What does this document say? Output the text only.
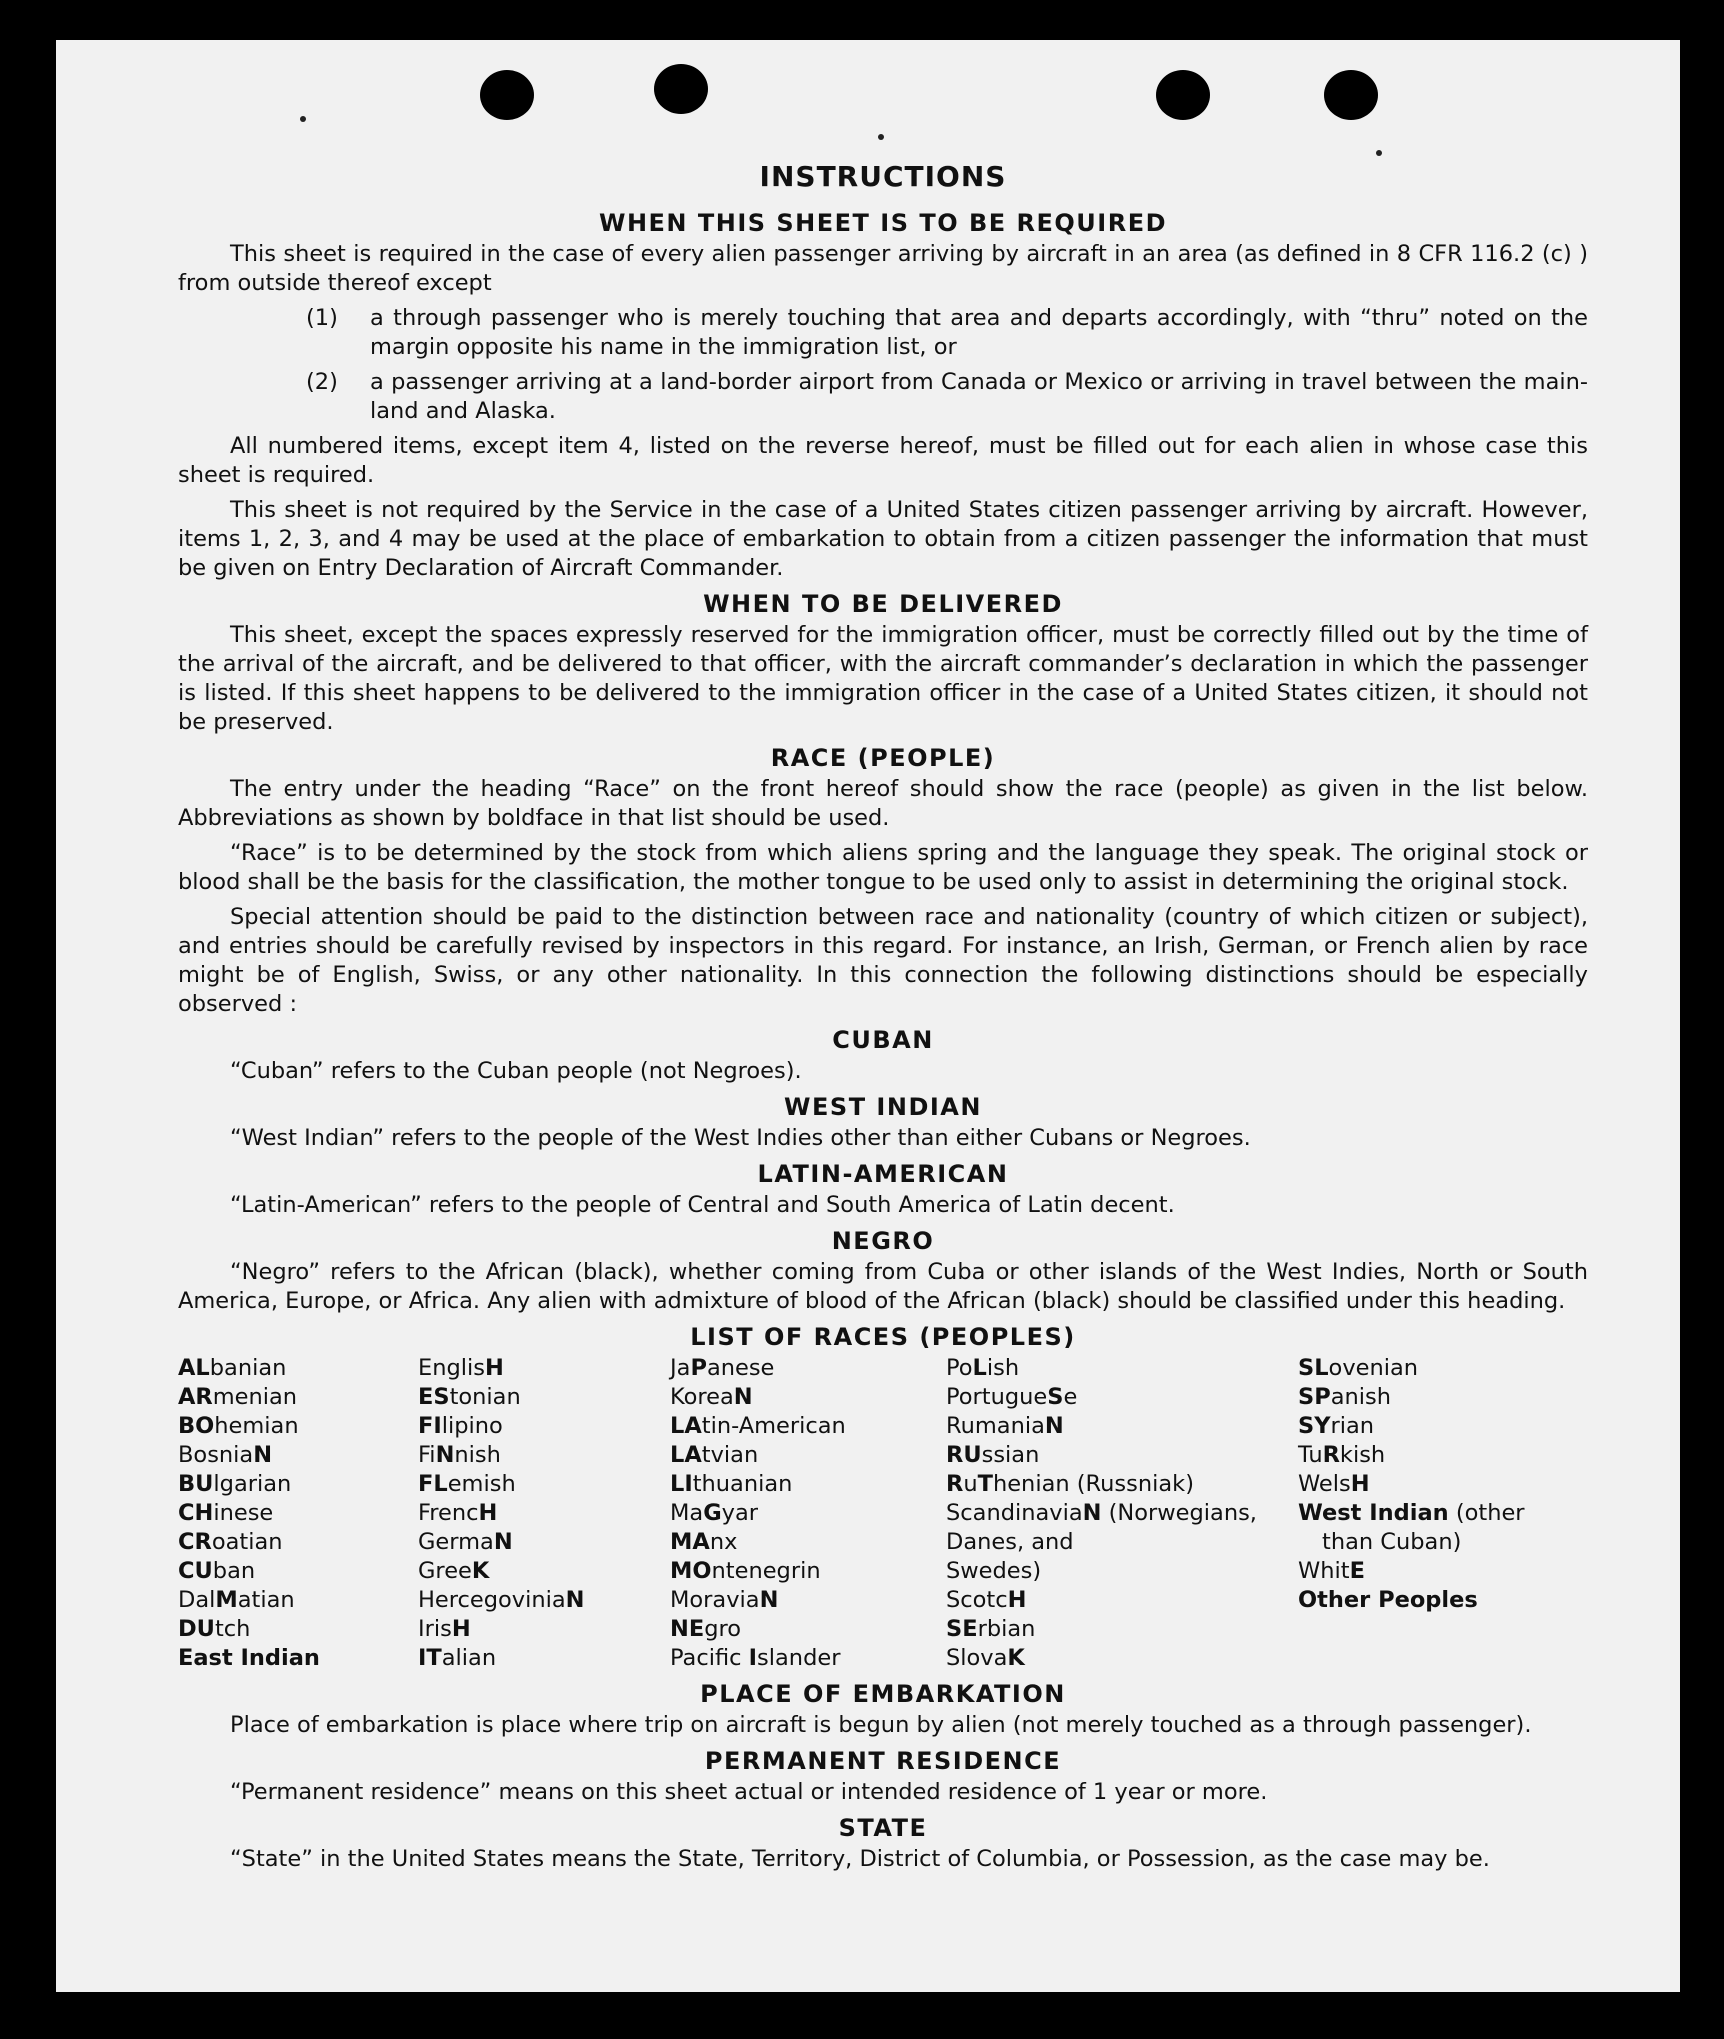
INSTRUCTIONS
WHEN THIS SHEET IS TO BE REQUIRED

This sheet is required in the case of every alien passenger arriving by aircraft in an area (as defined in 8 CFR 116.2 (c) ) from outside thereof except

(1)	a through passenger who is merely touching that area and departs accordingly, with “thru” noted on the margin opposite his name in the immigration list, or
(2)	a passenger arriving at a land-border airport from Canada or Mexico or arriving in travel between the main-land and Alaska.

All numbered items, except item 4, listed on the reverse hereof, must be filled out for each alien in whose case this sheet is required.

This sheet is not required by the Service in the case of a United States citizen passenger arriving by aircraft. However, items 1, 2, 3, and 4 may be used at the place of embarkation to obtain from a citizen passenger the information that must be given on Entry Declaration of Aircraft Commander.

WHEN TO BE DELIVERED

This sheet, except the spaces expressly reserved for the immigration officer, must be correctly filled out by the time of the arrival of the aircraft, and be delivered to that officer, with the aircraft commander’s declaration in which the passenger is listed. If this sheet happens to be delivered to the immigration officer in the case of a United States citizen, it should not be preserved.

RACE (PEOPLE)

The entry under the heading “Race” on the front hereof should show the race (people) as given in the list below. Abbreviations as shown by boldface in that list should be used.

“Race” is to be determined by the stock from which aliens spring and the language they speak. The original stock or blood shall be the basis for the classification, the mother tongue to be used only to assist in determining the original stock.

Special attention should be paid to the distinction between race and nationality (country of which citizen or subject), and entries should be carefully revised by inspectors in this regard. For instance, an Irish, German, or French alien by race might be of English, Swiss, or any other nationality. In this connection the following distinctions should be especially observed :

CUBAN

“Cuban” refers to the Cuban people (not Negroes).

WEST INDIAN

“West Indian” refers to the people of the West Indies other than either Cubans or Negroes.

LATIN-AMERICAN

“Latin-American” refers to the people of Central and South America of Latin decent.

NEGRO

“Negro” refers to the African (black), whether coming from Cuba or other islands of the West Indies, North or South America, Europe, or Africa. Any alien with admixture of blood of the African (black) should be classified under this heading.

LIST OF RACES (PEOPLES)
ALbanian
ARmenian
BOhemian
BosniaN
BUlgarian
CHinese
CRoatian
CUban
DalMatian
DUtch
East Indian
EnglisH
EStonian
FIlipino
FiNnish
FLemish
FrencH
GermaN
GreeK
HercegoviniaN
IrisH
ITalian
JaPanese
KoreaN
LAtin-American
LAtvian
LIthuanian
MaGyar
MAnx
MOntenegrin
MoraviaN
NEgro
Pacific Islander
PoLish
PortugueSe
RumaniaN
RUssian
RuThenian (Russniak)
ScandinaviaN (Norwegians,
Danes, and
Swedes)
ScotcH
SErbian
SlovaK
SLovenian
SPanish
SYrian
TuRkish
WelsH
West Indian (other
than Cuban)
WhitE
Other Peoples
PLACE OF EMBARKATION

Place of embarkation is place where trip on aircraft is begun by alien (not merely touched as a through passenger).

PERMANENT RESIDENCE

“Permanent residence” means on this sheet actual or intended residence of 1 year or more.

STATE

“State” in the United States means the State, Territory, District of Columbia, or Possession, as the case may be.
